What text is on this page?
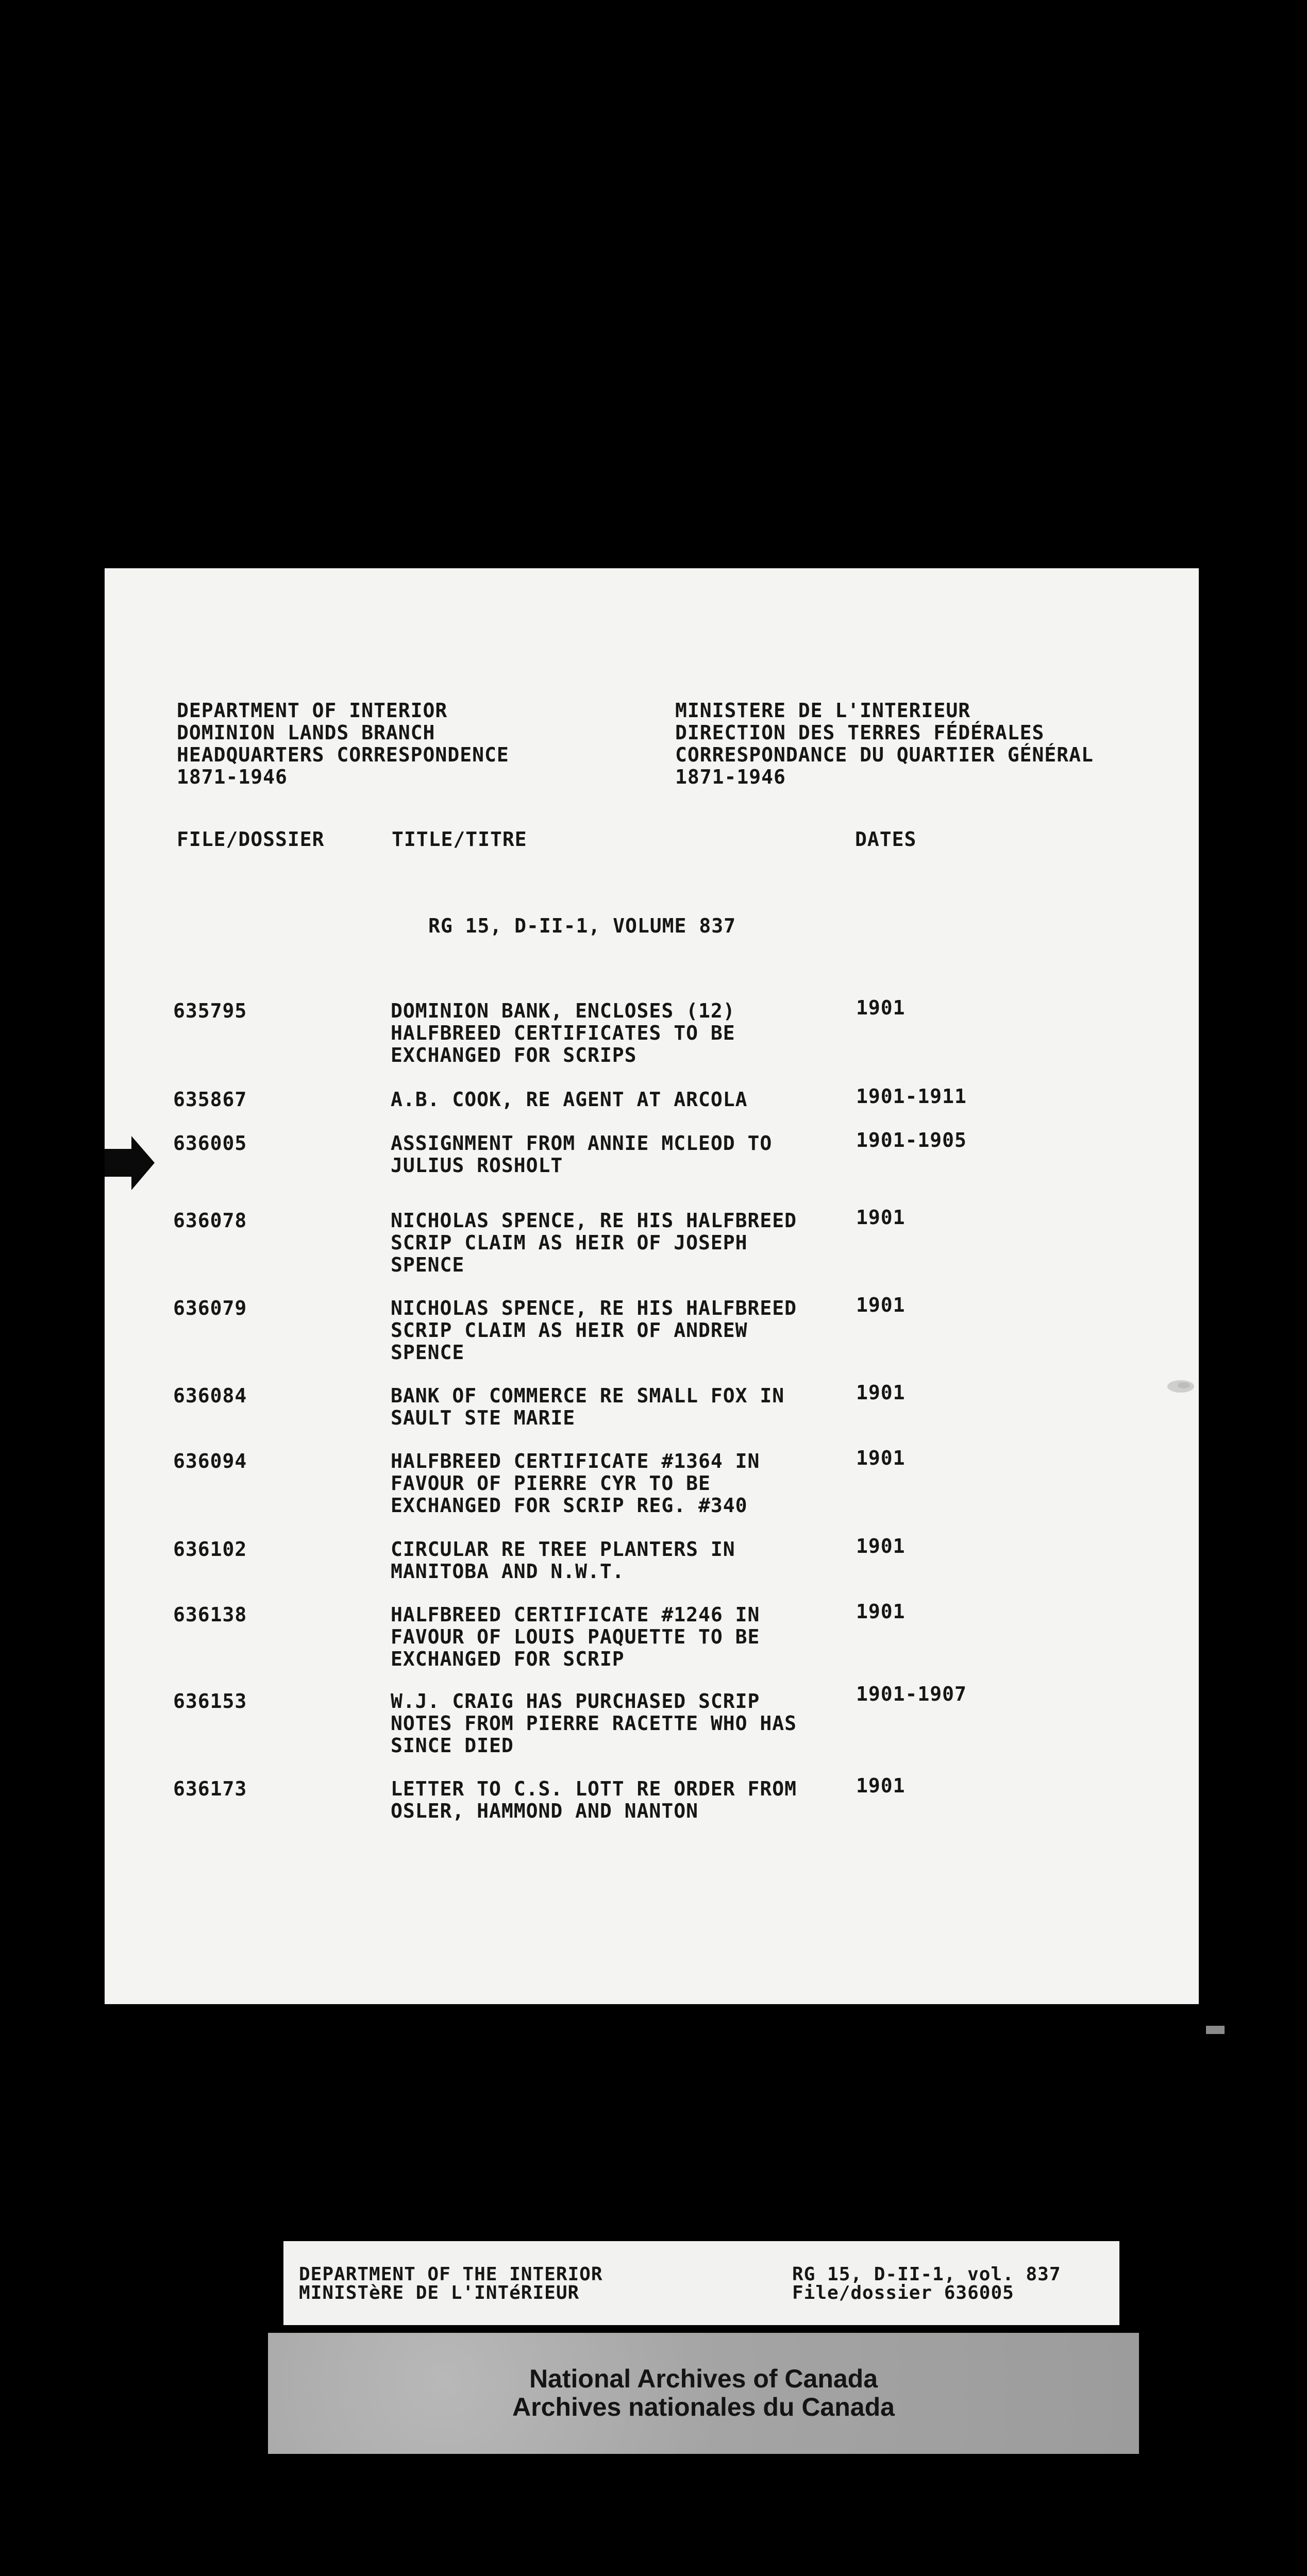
DEPARTMENT OF INTERIOR
DOMINION LANDS BRANCH
HEADQUARTERS CORRESPONDENCE
1871-1946
MINISTERE DE L'INTERIEUR
DIRECTION DES TERRES FÉDÉRALES
CORRESPONDANCE DU QUARTIER GÉNÉRAL
1871-1946
FILE/DOSSIER	TITLE/TITRE	DATES
RG 15, D-II-1, VOLUME 837
635795	DOMINION BANK, ENCLOSES (12)
HALFBREED CERTIFICATES TO BE
EXCHANGED FOR SCRIPS
1901
635867	A.B. COOK, RE AGENT AT ARCOLA	1901-1911
636005	ASSIGNMENT FROM ANNIE MCLEOD TO
JULIUS ROSHOLT
1901-1905
636078	NICHOLAS SPENCE, RE HIS HALFBREED
SCRIP CLAIM AS HEIR OF JOSEPH
SPENCE
1901
636079	NICHOLAS SPENCE, RE HIS HALFBREED
SCRIP CLAIM AS HEIR OF ANDREW
SPENCE
1901
636084	BANK OF COMMERCE RE SMALL FOX IN
SAULT STE MARIE
1901
636094	HALFBREED CERTIFICATE #1364 IN
FAVOUR OF PIERRE CYR TO BE
EXCHANGED FOR SCRIP REG. #340
1901
636102	CIRCULAR RE TREE PLANTERS IN
MANITOBA AND N.W.T.
1901
636138	HALFBREED CERTIFICATE #1246 IN
FAVOUR OF LOUIS PAQUETTE TO BE
EXCHANGED FOR SCRIP
1901
636153	W.J. CRAIG HAS PURCHASED SCRIP
NOTES FROM PIERRE RACETTE WHO HAS
SINCE DIED
1901-1907
636173	LETTER TO C.S. LOTT RE ORDER FROM
OSLER, HAMMOND AND NANTON
1901
DEPARTMENT OF THE INTERIOR
MINISTèRE DE L'INTéRIEUR
RG 15, D-II-1, vol. 837
File/dossier 636005
National Archives of Canada
Archives nationales du Canada
